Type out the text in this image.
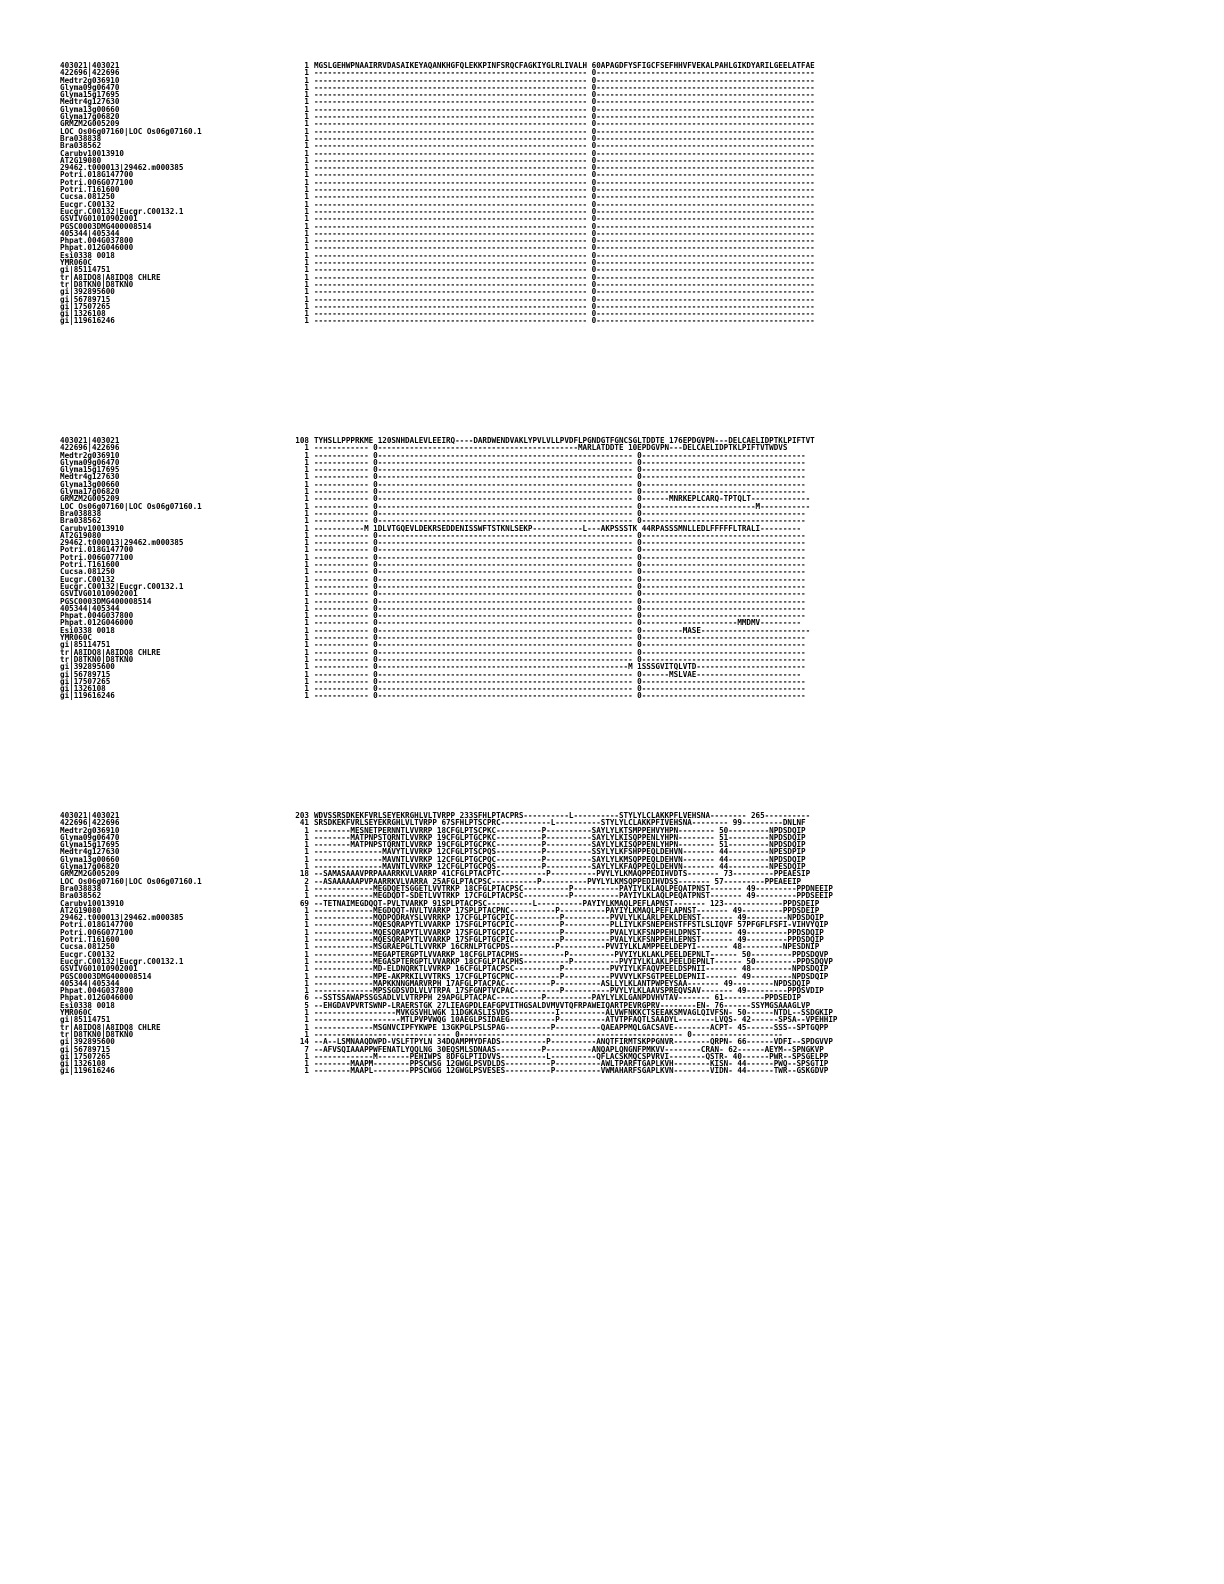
403021|403021	1 MGSLGEHWPNAAIRRVDASAIKEYAQANKHGFQLEKKPINFSRQCFAGKIYGLRLIVALH 60APAGDFYSFIGCFSEFHHVFVEKALPAHLGIKDYARILGEELATFAE
422696|422696	1 ------------------------------------------------------------ 0------------------------------------------------
Medtr2g036910	1 ------------------------------------------------------------ 0------------------------------------------------
Glyma09g06470	1 ------------------------------------------------------------ 0------------------------------------------------
Glyma15g17695	1 ------------------------------------------------------------ 0------------------------------------------------
Medtr4g127630	1 ------------------------------------------------------------ 0------------------------------------------------
Glyma13g00660	1 ------------------------------------------------------------ 0------------------------------------------------
Glyma17g06820	1 ------------------------------------------------------------ 0------------------------------------------------
GRMZM2G005209	1 ------------------------------------------------------------ 0------------------------------------------------
LOC Os06g07160|LOC Os06g07160.1	1 ------------------------------------------------------------ 0------------------------------------------------
Bra038838	1 ------------------------------------------------------------ 0------------------------------------------------
Bra038562	1 ------------------------------------------------------------ 0------------------------------------------------
Carubv10013910	1 ------------------------------------------------------------ 0------------------------------------------------
AT2G19080	1 ------------------------------------------------------------ 0------------------------------------------------
29462.t000013|29462.m000385	1 ------------------------------------------------------------ 0------------------------------------------------
Potri.018G147700	1 ------------------------------------------------------------ 0------------------------------------------------
Potri.006G077100	1 ------------------------------------------------------------ 0------------------------------------------------
Potri.T161600	1 ------------------------------------------------------------ 0------------------------------------------------
Cucsa.081250	1 ------------------------------------------------------------ 0------------------------------------------------
Eucgr.C00132	1 ------------------------------------------------------------ 0------------------------------------------------
Eucgr.C00132|Eucgr.C00132.1	1 ------------------------------------------------------------ 0------------------------------------------------
GSVIVG01010902001	1 ------------------------------------------------------------ 0------------------------------------------------
PGSC0003DMG400008514	1 ------------------------------------------------------------ 0------------------------------------------------
405344|405344	1 ------------------------------------------------------------ 0------------------------------------------------
Phpat.004G037800	1 ------------------------------------------------------------ 0------------------------------------------------
Phpat.012G046000	1 ------------------------------------------------------------ 0------------------------------------------------
Esi0338 0018	1 ------------------------------------------------------------ 0------------------------------------------------
YMR060C	1 ------------------------------------------------------------ 0------------------------------------------------
gi|85114751	1 ------------------------------------------------------------ 0------------------------------------------------
tr|A8IDQ8|A8IDQ8 CHLRE	1 ------------------------------------------------------------ 0------------------------------------------------
tr|D8TKN0|D8TKN0	1 ------------------------------------------------------------ 0------------------------------------------------
gi|392895600	1 ------------------------------------------------------------ 0------------------------------------------------
gi|56789715	1 ------------------------------------------------------------ 0------------------------------------------------
gi|17507265	1 ------------------------------------------------------------ 0------------------------------------------------
gi|1326108	1 ------------------------------------------------------------ 0------------------------------------------------
gi|119616246	1 ------------------------------------------------------------ 0------------------------------------------------
403021|403021	108 TYHSLLPPPRKME 120SNHDALEVLEEIRQ----DARDWENDVAKLYPVLVLLPVDFLPGNDGTFGNCSGLTDDTE 176EPDGVPN---DELCAELIDPTKLPIFTVT
422696|422696	1 ------------ 0--------------------------------------------MARLATDDTE 10EPDGVPN---DELCAELIDPTKLPIFTVTWDVS
Medtr2g036910	1 ------------ 0-------------------------------------------------------- 0------------------------------------
Glyma09g06470	1 ------------ 0-------------------------------------------------------- 0------------------------------------
Glyma15g17695	1 ------------ 0-------------------------------------------------------- 0------------------------------------
Medtr4g127630	1 ------------ 0-------------------------------------------------------- 0------------------------------------
Glyma13g00660	1 ------------ 0-------------------------------------------------------- 0------------------------------------
Glyma17g06820	1 ------------ 0-------------------------------------------------------- 0------------------------------------
GRMZM2G005209	1 ------------ 0-------------------------------------------------------- 0------MNRKEPLCARQ-TPTQLT-------------
LOC Os06g07160|LOC Os06g07160.1	1 ------------ 0-------------------------------------------------------- 0-------------------------M-----------
Bra038838	1 ------------ 0-------------------------------------------------------- 0------------------------------------
Bra038562	1 ------------ 0-------------------------------------------------------- 0------------------------------------
Carubv10013910	1 -----------M 1DLVTGQEVLDEKRSEDDENISSWFTSTKNLSEKP-----------L---AKPSSSTK 44RPASSSMNLLEDLFFFFFLTRALI---------
AT2G19080	1 ------------ 0-------------------------------------------------------- 0------------------------------------
29462.t000013|29462.m000385	1 ------------ 0-------------------------------------------------------- 0------------------------------------
Potri.018G147700	1 ------------ 0-------------------------------------------------------- 0------------------------------------
Potri.006G077100	1 ------------ 0-------------------------------------------------------- 0------------------------------------
Potri.T161600	1 ------------ 0-------------------------------------------------------- 0------------------------------------
Cucsa.081250	1 ------------ 0-------------------------------------------------------- 0------------------------------------
Eucgr.C00132	1 ------------ 0-------------------------------------------------------- 0------------------------------------
Eucgr.C00132|Eucgr.C00132.1	1 ------------ 0-------------------------------------------------------- 0------------------------------------
GSVIVG01010902001	1 ------------ 0-------------------------------------------------------- 0------------------------------------
PGSC0003DMG400008514	1 ------------ 0-------------------------------------------------------- 0------------------------------------
405344|405344	1 ------------ 0-------------------------------------------------------- 0------------------------------------
Phpat.004G037800	1 ------------ 0-------------------------------------------------------- 0------------------------------------
Phpat.012G046000	1 ------------ 0-------------------------------------------------------- 0---------------------MMDMV---------
Esi0338 0018	1 ------------ 0-------------------------------------------------------- 0---------MASE------------------------
YMR060C	1 ------------ 0-------------------------------------------------------- 0------------------------------------
gi|85114751	1 ------------ 0-------------------------------------------------------- 0------------------------------------
tr|A8IDQ8|A8IDQ8 CHLRE	1 ------------ 0-------------------------------------------------------- 0------------------------------------
tr|D8TKN0|D8TKN0	1 ------------ 0-------------------------------------------------------- 0------------------------------------
gi|392895600	1 ------------ 0-------------------------------------------------------M 1SSSGVITQLVTD------------------------
gi|56789715	1 ------------ 0-------------------------------------------------------- 0------MSLVAE-----------------------
gi|17507265	1 ------------ 0-------------------------------------------------------- 0------------------------------------
gi|1326108	1 ------------ 0-------------------------------------------------------- 0------------------------------------
gi|119616246	1 ------------ 0-------------------------------------------------------- 0------------------------------------
403021|403021	203 WDVSSRSDKEKFVRLSEYEKRGHLVLTVRPP 233SFHLPTACPRS----------L----------STYLYLCLAKKPFLVEHSNA-------- 265----------
422696|422696	41 SRSDKEKFVRLSEYEKRGHLVLTVRPP 67SFHLPTSCPRC-----------L----------STYLYLCLAKKPFIVEHSNA-------- 99---------DNLNF
Medtr2g036910	1 --------MESNETPERNNTLVVRRP 18CFGLPTSCPKC----------P----------SAYLYLKTSMPPEHVYHPN-------- 50---------NPDSDQIP
Glyma09g06470	1 --------MATPNPSTQRNTLVVRKP 19CFGLPTGCPKC----------P----------SAYLYLKISQPPENLYHPN-------- 51---------NPDSDQIP
Glyma15g17695	1 --------MATPNPSTQRNTLVVRKP 19CFGLPTGCPKC----------P----------SAYLYLKISQPPENLYHPN-------- 51---------NPDSDQIP
Medtr4g127630	1 ---------------MAVYTLVVRKP 12CFGLPTSCPQS----------P----------SSYLYLKFSHPPEQLDEHVN------- 44---------NPESDPIP
Glyma13g00660	1 ---------------MAVNTLVVRKP 12CFGLPTGCPQC----------P----------SAYLYLKMSQPPEQLDEHVN------- 44---------NPDSDQIP
Glyma17g06820	1 ---------------MAVNTLVVRKP 12CFGLPTGCPQS----------P----------SAYLYLKFAQPPEQLDEHVN------- 44---------NPESDQIP
GRMZM2G005209	18 --SAMASAAAVPRPAAARRKVLVARRP 41CFGLPTACPTC----------P----------PVYLYLKMAQPPEDIHVDTS------- 73---------PPEAESIP
LOC Os06g07160|LOC Os06g07160.1	2 --ASAAAAAAPVPAARRKVLVARRA 25AFGLPTACPSC----------P----------PVYLYLKMSQPPEDIHVDSS------- 57---------PPEAEEIP
Bra038838	1 -------------MEGDQETSGGETLVVTRKP 18CFGLPTACPSC----------P----------PAYIYLKLAQLPEQATPNST------- 49---------PPDNEEIP
Bra038562	1 -------------MEGDQDT-SDETLVVTRKP 17CFGLPTACPSC----------P----------PAYIYLKLAQLPEQATPNST------- 49---------PPDSEEIP
Carubv10013910	69 --TETNAIMEGDQQT-PVLTVARKP 91SPLPTACPSC----------L----------PAYIYLKMAQLPEFLAPNST------- 123-------------PPDSDEIP
AT2G19080	1 -------------MEGDQQT-NVLTVARKP 17SPLPTACPNC----------P----------PAYIYLKMAQLPEFLAPNST------- 49---------PPDSDEIP
29462.t000013|29462.m000385	1 -------------MQDPQDRAYSLVVRRKP 17CFGLPTGCPIC----------P----------PVVLYLKLARLPEKLDENST------- 49---------NPDSDQIP
Potri.018G147700	1 -------------MQESQRAPYTLVVARKP 17SFGLPTGCPIC----------P----------PLLIYLKFSNEPEHSTFFSTLSLIQVF 57PFGFLFSFI-VIHVYQIP
Potri.006G077100	1 -------------MQESQRAPYTLVVARKP 17SFGLPTGCPIC----------P----------PVALYLKFSNPPEHLDPNST------- 49---------PPDSDQIP
Potri.T161600	1 -------------MQESQRAPYTLVVARKP 17SFGLPTGCPIC----------P----------PVALYLKFSNPPEHLEPNST------- 49---------PPDSDQIP
Cucsa.081250	1 -------------MSGRAEPGLTLVVRKP 16CRNLPTGCPDS----------P----------PVVIYLKLAMPPEELDEPYI------- 48---------NPESDNIP
Eucgr.C00132	1 -------------MEGAPTERGPTLVVARKP 18CFGLPTACPHS----------P----------PVYIYLKLAKLPEELDEPNLT------ 50---------PPDSDQVP
Eucgr.C00132|Eucgr.C00132.1	1 -------------MEGASPTERGPTLVVARKP 18CFGLPTACPHS----------P----------PVYIYLKLAKLPEELDEPNLT------ 50---------PPDSDQVP
GSVIVG01010902001	1 -------------MD-ELDNQRKTLVVRKP 16CFGLPTACPSC----------P----------PVYIYLKFAQVPEELDSPNII------- 48---------NPDSDQIP
PGSC0003DMG400008514	1 -------------MPE-AKPRKILVVTRKS 17CFGLPTGCPNC----------P----------PVVVYLKFSGTPEELDEPNII------- 49---------NPDSDQIP
405344|405344	1 -------------MAPKKNNGMARVRPH 17AFGLPTACPAC----------P----------ASLLYLKLANTPWPEYSAA------- 49---------NPDSDQIP
Phpat.004G037800	1 -------------MPSSGDSVDLVLVTRPA 17SFGNPTVCPAC----------P----------PVYLYLKLAAVSPREQVSAV------- 49---------PPDSVDIP
Phpat.012G046000	6 --SSTSSAWAPSSGSADLVLVTRPPH 29APGLPTACPAC----------P----------PAYLYLKLGANPDVHVTAV------- 61---------PPDSEDIP
Esi0338 0018	5 --EHGDAVPVRTSWNP-LRAERSTGK 27LIEAGPDLEAFGPVITHGSALDVMVVTQFRPAWEIQARTPEVRGPRV--------EN- 76------SSYMGSAAAGLVP
YMR060C	1 ------------------MVKGSVHLWGK 11DGKASLISVDS----------I----------ALVWFNKKCTSEEAKSMVAGLQIVFSN- 50------NTDL--SSDGKIP
gi|85114751	1 -------------------MTLPVPVWQG 10AEGLPSIDAEG----------P----------ATVTPFAQTLSAADYL--------LVQS- 42------SPSA--VPEHHIP
tr|A8IDQ8|A8IDQ8 CHLRE	1 -------------MSGNVCIPFYKWPE 13GKPGLPSLSPAG----------P----------QAEAPPMQLGACSAVE--------ACPT- 45------SSS--SPTGQPP
tr|D8TKN0|D8TKN0	1 ------------------------------ 0------------------------------------------------- 0--------------------
gi|392895600	14 --A--LSMNAAQDWPD-VSLFTPYLN 34DQAMPMYDFADS----------P----------ANQTFIRMTSKPPGNVR--------QRPN- 66------VDFI--SPDGVVP
gi|56789715	7 --AFVSQIAAAPPWFENATLYQQLNG 30EQSMLSDNAAS----------P----------ANQAPLQNGNFPMKVV--------CRAN- 62------AEYM--SPNGKVP
gi|17507265	1 -------------M-------PEHIWPS 8DFGLPTIDVVS----------L----------QFLACSKMQCSPVRVI--------QSTR- 40------PWR--SPSGELPP
gi|1326108	1 --------MAAPM--------PPSCWSG 12GWGLPSVDLDS----------P----------AWLTPARFTGAPLKVH--------KISN- 44------PWQ--SPSGTIP
gi|119616246	1 --------MAAPL--------PPSCWGG 12GWGLPSVESES----------P----------VWMAHARFSGAPLKVN--------VIDN- 44------TWR--GSKGDVP
